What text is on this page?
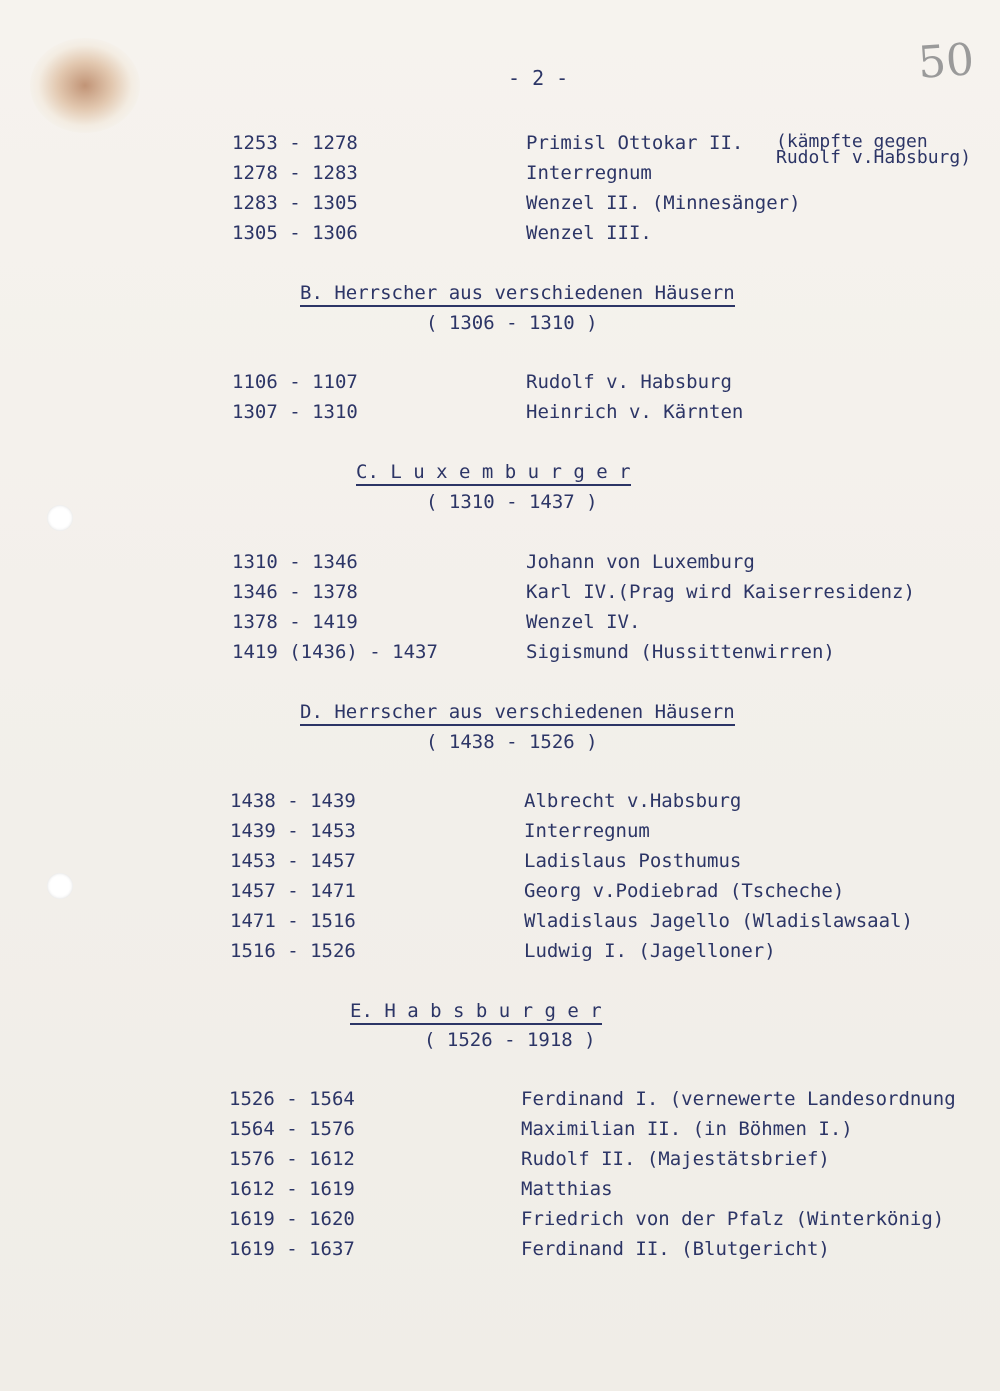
50
- 2 -
1253 - 1278	Primisl Ottokar II. (kämpfte gegen
Rudolf v.Habsburg)
1278 - 1283	Interregnum
1283 - 1305	Wenzel II. (Minnesänger)
1305 - 1306	Wenzel III.
B. Herrscher aus verschiedenen Häusern
( 1306 - 1310 )
1106 - 1107	Rudolf v. Habsburg
1307 - 1310	Heinrich v. Kärnten
C. L u x e m b u r g e r
( 1310 - 1437 )
1310 - 1346	Johann von Luxemburg
1346 - 1378	Karl IV.(Prag wird Kaiserresidenz)
1378 - 1419	Wenzel IV.
1419 (1436) - 1437	Sigismund (Hussittenwirren)
D. Herrscher aus verschiedenen Häusern
( 1438 - 1526 )
1438 - 1439	Albrecht v.Habsburg
1439 - 1453	Interregnum
1453 - 1457	Ladislaus Posthumus
1457 - 1471	Georg v.Podiebrad (Tscheche)
1471 - 1516	Wladislaus Jagello (Wladislawsaal)
1516 - 1526	Ludwig I. (Jagelloner)
E. H a b s b u r g e r
( 1526 - 1918 )
1526 - 1564	Ferdinand I. (vernewerte Landesordnung
1564 - 1576	Maximilian II. (in Böhmen I.)
1576 - 1612	Rudolf II. (Majestätsbrief)
1612 - 1619	Matthias
1619 - 1620	Friedrich von der Pfalz (Winterkönig)
1619 - 1637	Ferdinand II. (Blutgericht)
